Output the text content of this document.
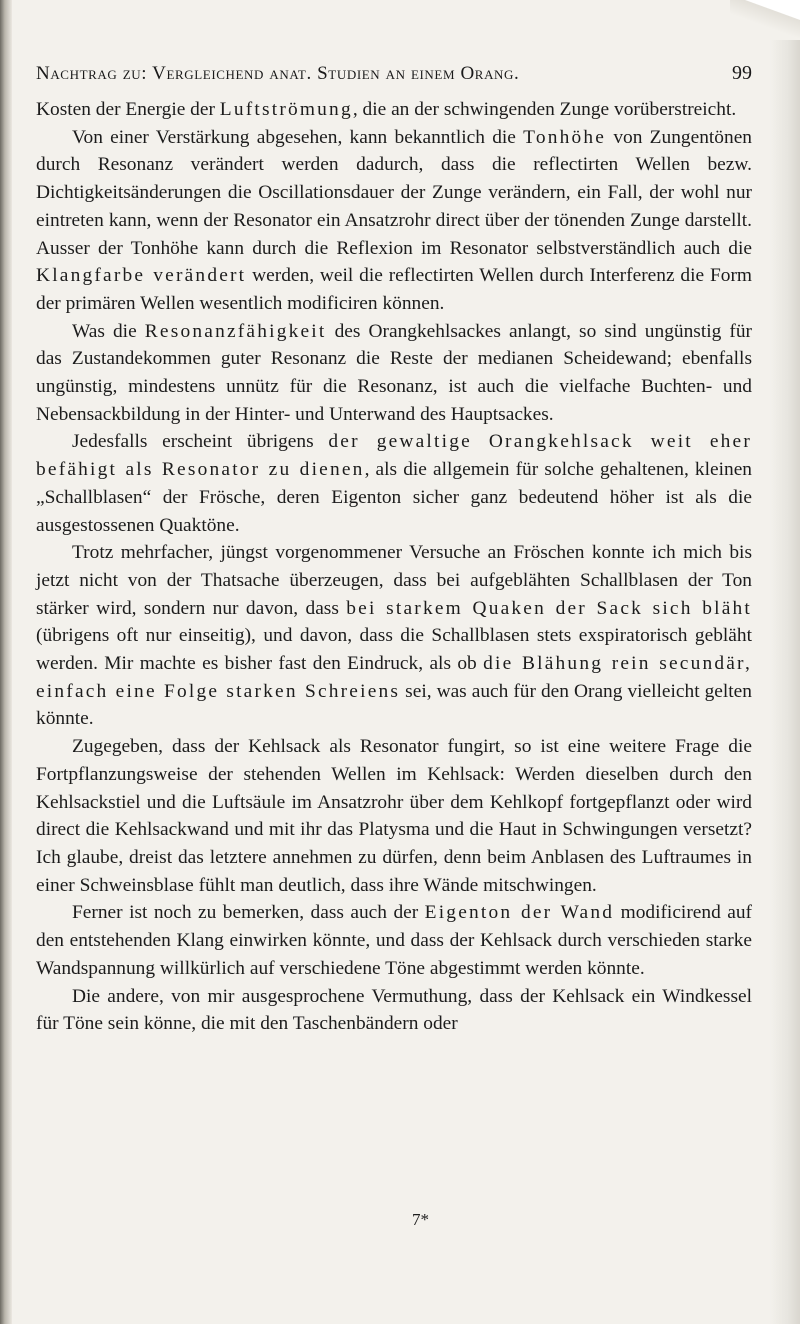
Nachtrag zu: Vergleichend anat. Studien an einem Orang.	99

Kosten der Energie der Luftströmung, die an der schwingenden Zunge vorüberstreicht.

Von einer Verstärkung abgesehen, kann bekanntlich die Tonhöhe von Zungentönen durch Resonanz verändert werden dadurch, dass die reflectirten Wellen bezw. Dichtigkeitsänderungen die Oscillationsdauer der Zunge verändern, ein Fall, der wohl nur eintreten kann, wenn der Resonator ein Ansatzrohr direct über der tönenden Zunge darstellt. Ausser der Tonhöhe kann durch die Reflexion im Resonator selbstverständlich auch die Klangfarbe verändert werden, weil die reflectirten Wellen durch Interferenz die Form der primären Wellen wesentlich modificiren können.

Was die Resonanzfähigkeit des Orangkehlsackes anlangt, so sind ungünstig für das Zustandekommen guter Resonanz die Reste der medianen Scheidewand; ebenfalls ungünstig, mindestens unnütz für die Resonanz, ist auch die vielfache Buchten- und Nebensackbildung in der Hinter- und Unterwand des Hauptsackes.

Jedesfalls erscheint übrigens der gewaltige Orangkehlsack weit eher befähigt als Resonator zu dienen, als die allgemein für solche gehaltenen, kleinen „Schallblasen“ der Frösche, deren Eigenton sicher ganz bedeutend höher ist als die ausgestossenen Quaktöne.

Trotz mehrfacher, jüngst vorgenommener Versuche an Fröschen konnte ich mich bis jetzt nicht von der Thatsache überzeugen, dass bei aufgeblähten Schallblasen der Ton stärker wird, sondern nur davon, dass bei starkem Quaken der Sack sich bläht (übrigens oft nur einseitig), und davon, dass die Schallblasen stets exspiratorisch gebläht werden. Mir machte es bisher fast den Eindruck, als ob die Blähung rein secundär, einfach eine Folge starken Schreiens sei, was auch für den Orang vielleicht gelten könnte.

Zugegeben, dass der Kehlsack als Resonator fungirt, so ist eine weitere Frage die Fortpflanzungsweise der stehenden Wellen im Kehlsack: Werden dieselben durch den Kehlsackstiel und die Luftsäule im Ansatzrohr über dem Kehlkopf fortgepflanzt oder wird direct die Kehlsackwand und mit ihr das Platysma und die Haut in Schwingungen versetzt? Ich glaube, dreist das letztere annehmen zu dürfen, denn beim Anblasen des Luftraumes in einer Schweinsblase fühlt man deutlich, dass ihre Wände mitschwingen.

Ferner ist noch zu bemerken, dass auch der Eigenton der Wand modificirend auf den entstehenden Klang einwirken könnte, und dass der Kehlsack durch verschieden starke Wandspannung willkürlich auf verschiedene Töne abgestimmt werden könnte.

Die andere, von mir ausgesprochene Vermuthung, dass der Kehlsack ein Windkessel für Töne sein könne, die mit den Taschenbändern oder

7*
